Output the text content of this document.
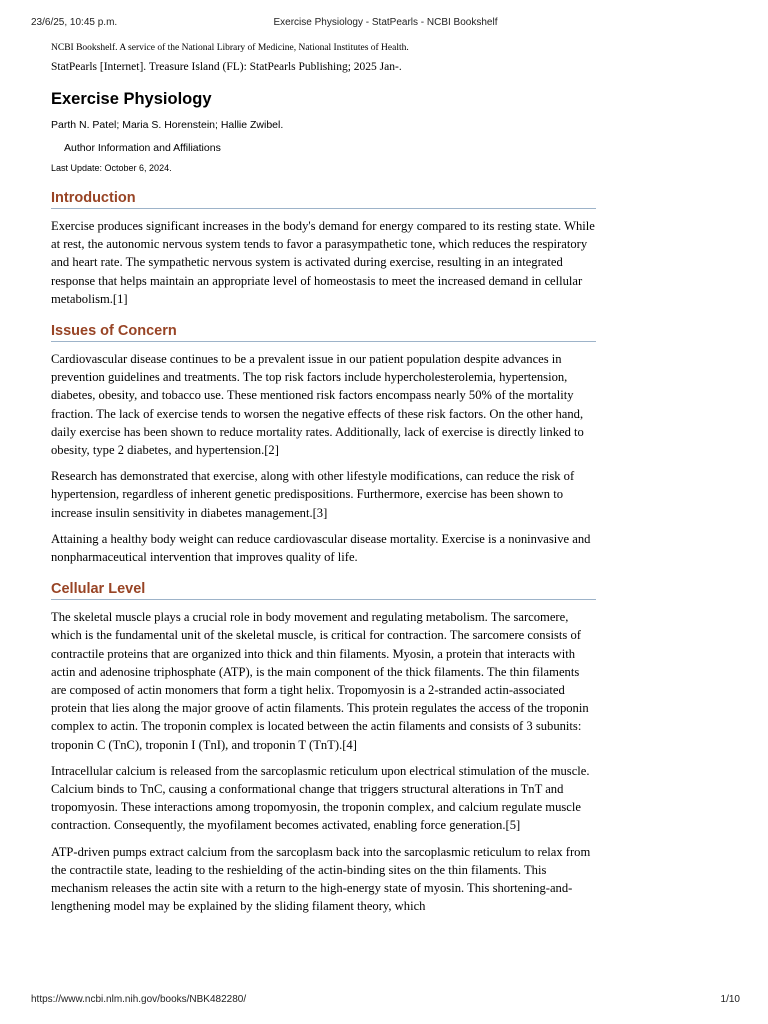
23/6/25, 10:45 p.m.	Exercise Physiology - StatPearls - NCBI Bookshelf
NCBI Bookshelf. A service of the National Library of Medicine, National Institutes of Health.
StatPearls [Internet]. Treasure Island (FL): StatPearls Publishing; 2025 Jan-.
Exercise Physiology
Parth N. Patel; Maria S. Horenstein; Hallie Zwibel.
Author Information and Affiliations
Last Update: October 6, 2024.
Introduction

Exercise produces significant increases in the body's demand for energy compared to its resting state. While at rest, the autonomic nervous system tends to favor a parasympathetic tone, which reduces the respiratory and heart rate. The sympathetic nervous system is activated during exercise, resulting in an integrated response that helps maintain an appropriate level of homeostasis to meet the increased demand in cellular metabolism.[1]

Issues of Concern

Cardiovascular disease continues to be a prevalent issue in our patient population despite advances in prevention guidelines and treatments. The top risk factors include hypercholesterolemia, hypertension, diabetes, obesity, and tobacco use. These mentioned risk factors encompass nearly 50% of the mortality fraction. The lack of exercise tends to worsen the negative effects of these risk factors. On the other hand, daily exercise has been shown to reduce mortality rates. Additionally, lack of exercise is directly linked to obesity, type 2 diabetes, and hypertension.[2]

Research has demonstrated that exercise, along with other lifestyle modifications, can reduce the risk of hypertension, regardless of inherent genetic predispositions. Furthermore, exercise has been shown to increase insulin sensitivity in diabetes management.[3]

Attaining a healthy body weight can reduce cardiovascular disease mortality. Exercise is a noninvasive and nonpharmaceutical intervention that improves quality of life.

Cellular Level

The skeletal muscle plays a crucial role in body movement and regulating metabolism. The sarcomere, which is the fundamental unit of the skeletal muscle, is critical for contraction. The sarcomere consists of contractile proteins that are organized into thick and thin filaments. Myosin, a protein that interacts with actin and adenosine triphosphate (ATP), is the main component of the thick filaments. The thin filaments are composed of actin monomers that form a tight helix. Tropomyosin is a 2-stranded actin-associated protein that lies along the major groove of actin filaments. This protein regulates the access of the troponin complex to actin. The troponin complex is located between the actin filaments and consists of 3 subunits: troponin C (TnC), troponin I (TnI), and troponin T (TnT).[4]

Intracellular calcium is released from the sarcoplasmic reticulum upon electrical stimulation of the muscle. Calcium binds to TnC, causing a conformational change that triggers structural alterations in TnT and tropomyosin. These interactions among tropomyosin, the troponin complex, and calcium regulate muscle contraction. Consequently, the myofilament becomes activated, enabling force generation.[5]

ATP-driven pumps extract calcium from the sarcoplasm back into the sarcoplasmic reticulum to relax from the contractile state, leading to the reshielding of the actin-binding sites on the thin filaments. This mechanism releases the actin site with a return to the high-energy state of myosin. This shortening-and-lengthening model may be explained by the sliding filament theory, which

https://www.ncbi.nlm.nih.gov/books/NBK482280/	1/10
